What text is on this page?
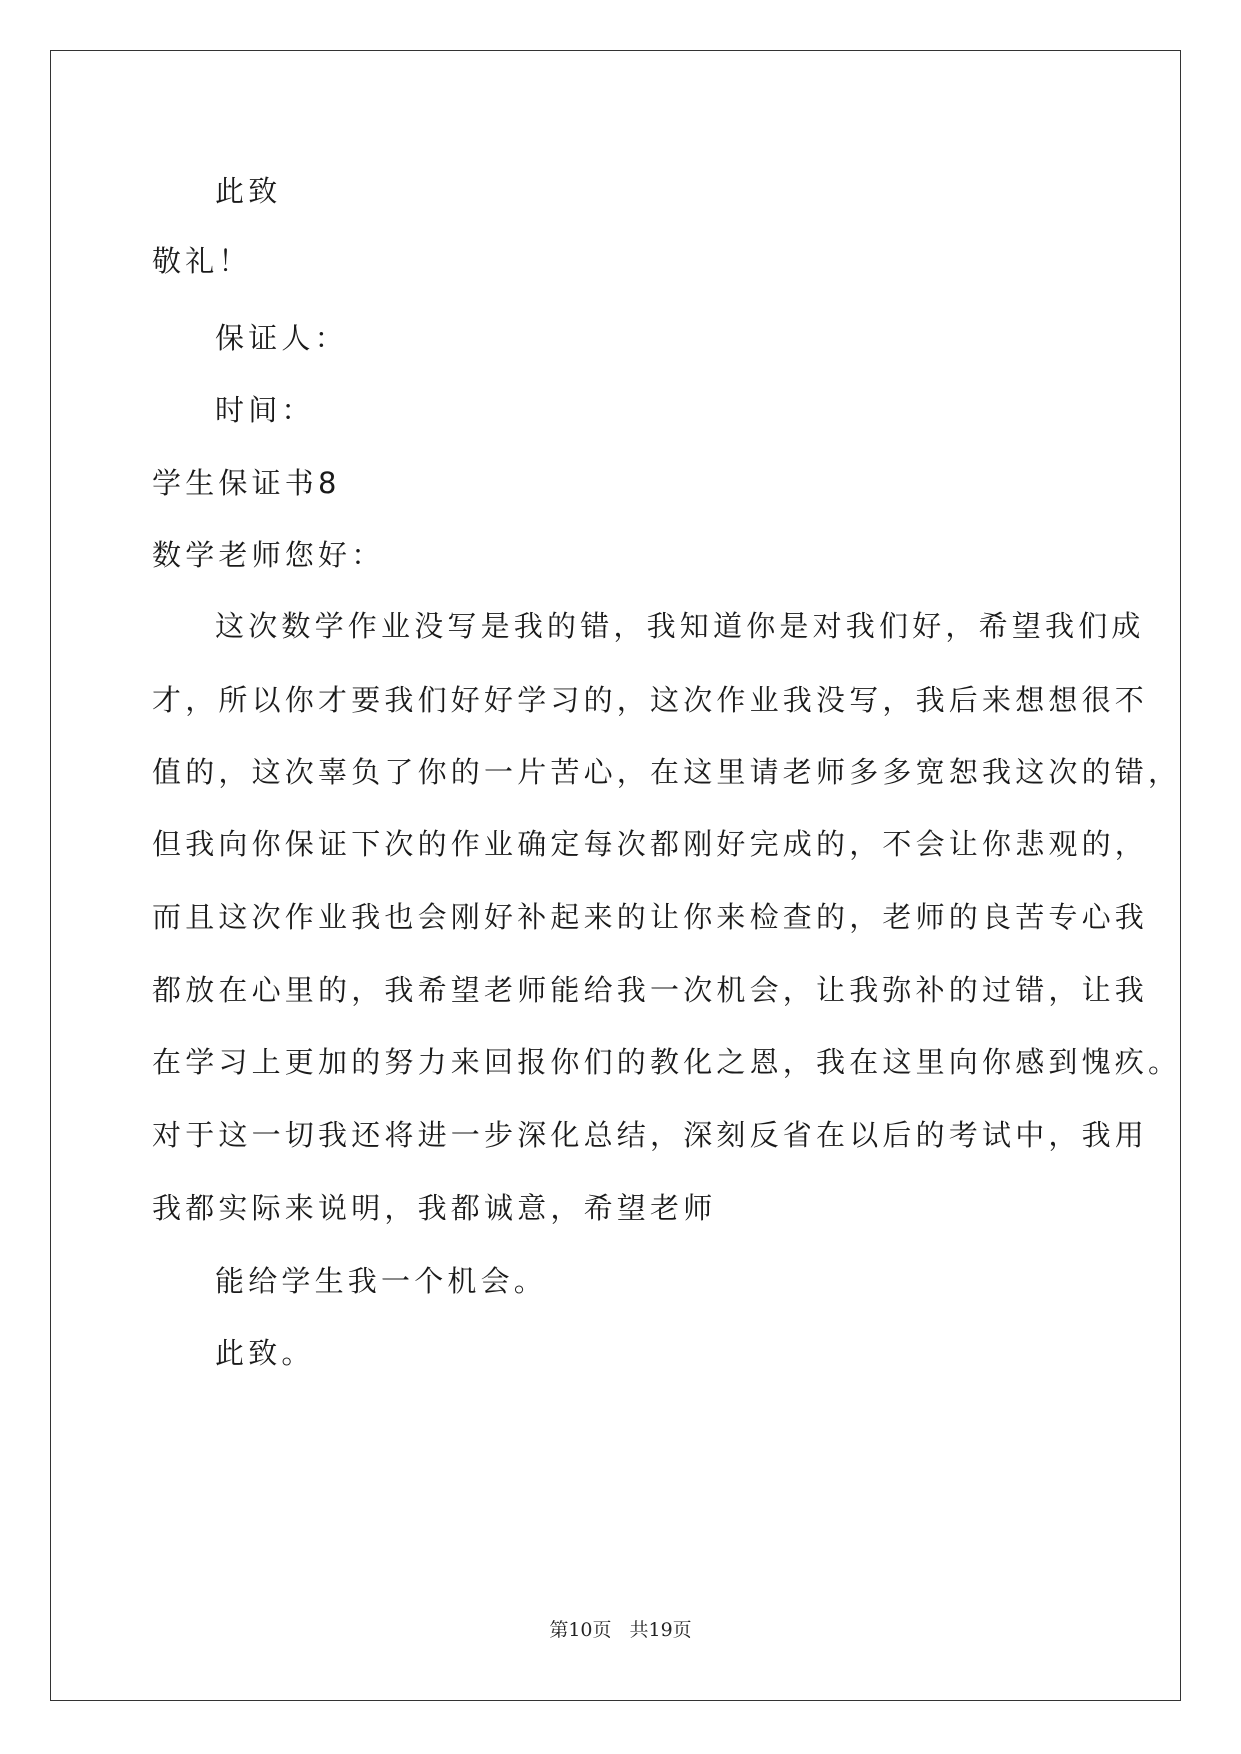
此致
敬礼！
保证人：
时间：
学生保证书8
数学老师您好：
这次数学作业没写是我的错，我知道你是对我们好，希望我们成
才，所以你才要我们好好学习的，这次作业我没写，我后来想想很不
值的，这次辜负了你的一片苦心，在这里请老师多多宽恕我这次的错，
但我向你保证下次的作业确定每次都刚好完成的，不会让你悲观的，
而且这次作业我也会刚好补起来的让你来检查的，老师的良苦专心我
都放在心里的，我希望老师能给我一次机会，让我弥补的过错，让我
在学习上更加的努力来回报你们的教化之恩，我在这里向你感到愧疚。
对于这一切我还将进一步深化总结，深刻反省在以后的考试中，我用
我都实际来说明，我都诚意，希望老师
能给学生我一个机会。
此致。
第10页 共19页
